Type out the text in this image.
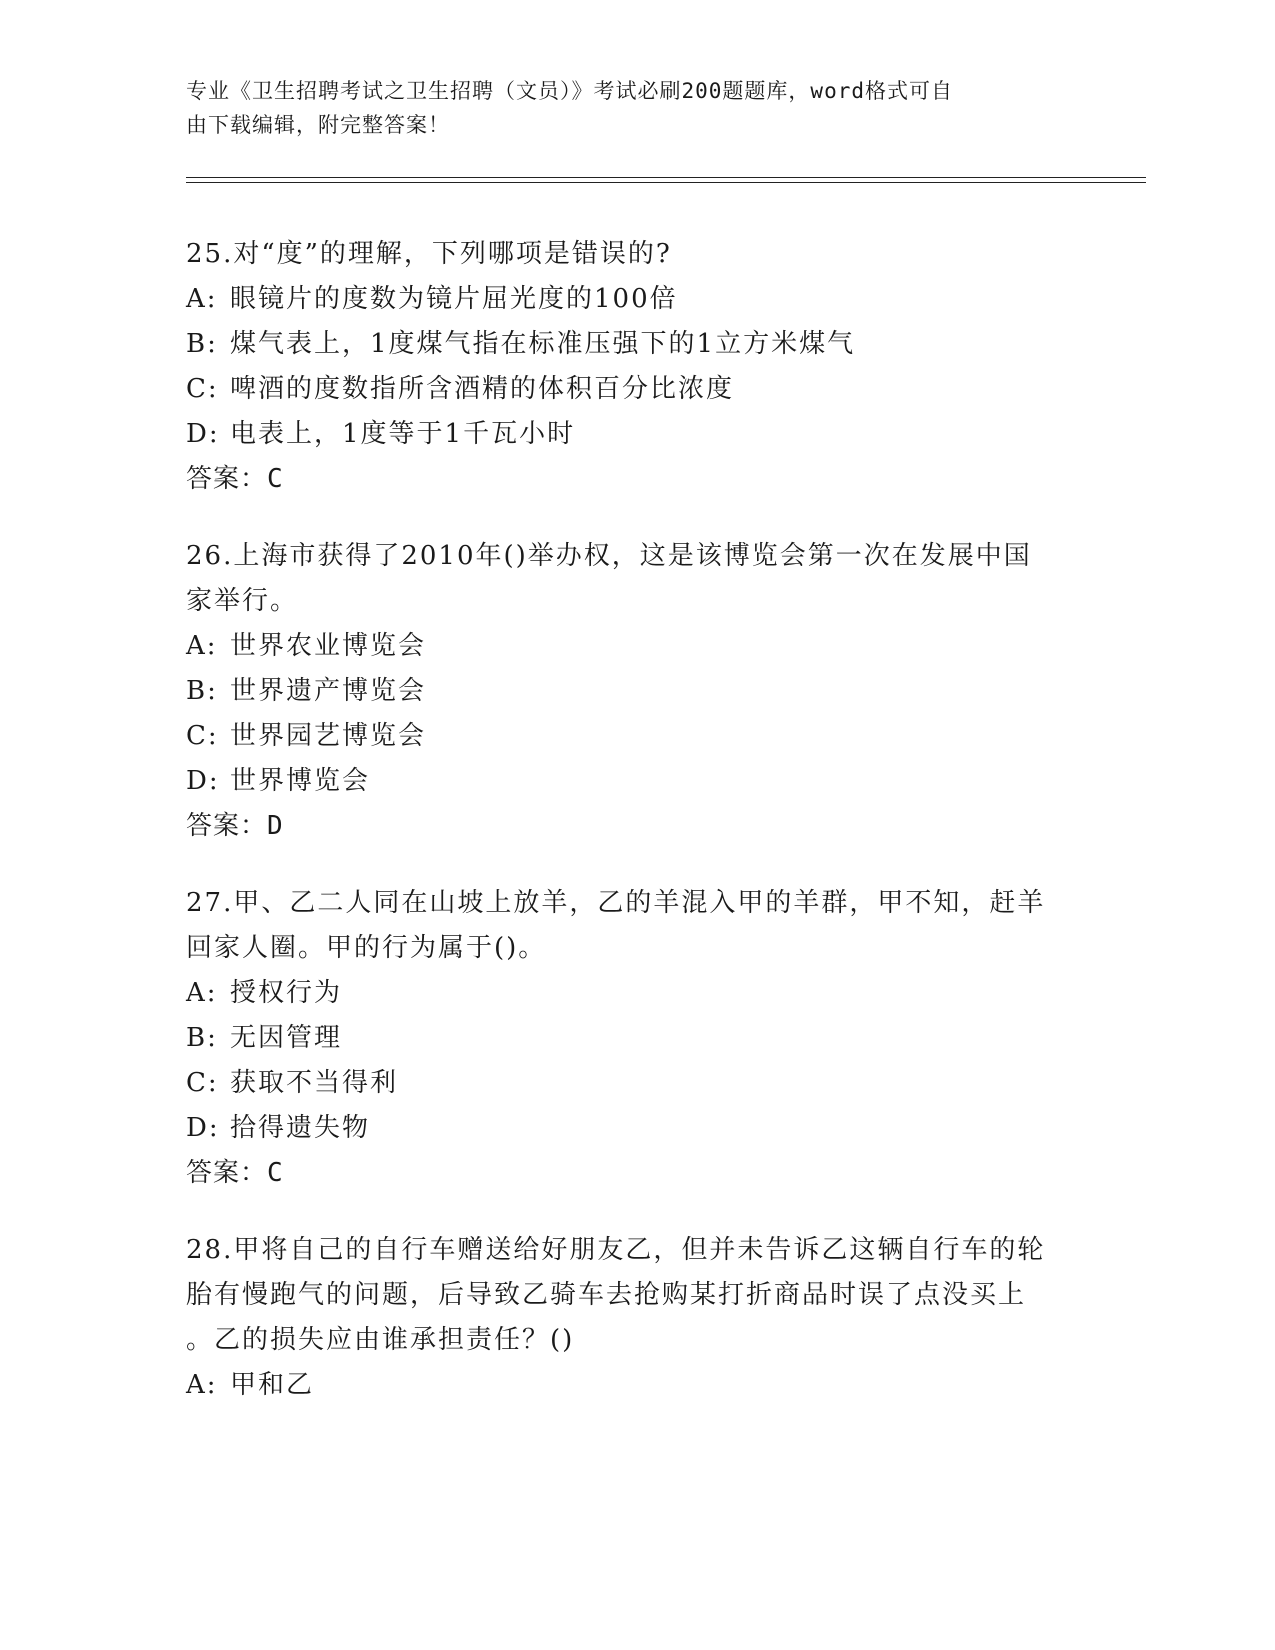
专业《卫生招聘考试之卫生招聘（文员）》考试必刷200题题库，word格式可自
由下载编辑，附完整答案！

25.对“度”的理解，下列哪项是错误的?

A: 眼镜片的度数为镜片屈光度的100倍

B: 煤气表上，1度煤气指在标准压强下的1立方米煤气

C: 啤酒的度数指所含酒精的体积百分比浓度

D: 电表上，1度等于1千瓦小时

答案：C

26.上海市获得了2010年()举办权，这是该博览会第一次在发展中国

家举行。

A: 世界农业博览会

B: 世界遗产博览会

C: 世界园艺博览会

D: 世界博览会

答案：D

27.甲、乙二人同在山坡上放羊，乙的羊混入甲的羊群，甲不知，赶羊

回家人圈。甲的行为属于()。

A: 授权行为

B: 无因管理

C: 获取不当得利

D: 拾得遗失物

答案：C

28.甲将自己的自行车赠送给好朋友乙，但并未告诉乙这辆自行车的轮

胎有慢跑气的问题，后导致乙骑车去抢购某打折商品时误了点没买上

。乙的损失应由谁承担责任？()

A: 甲和乙
